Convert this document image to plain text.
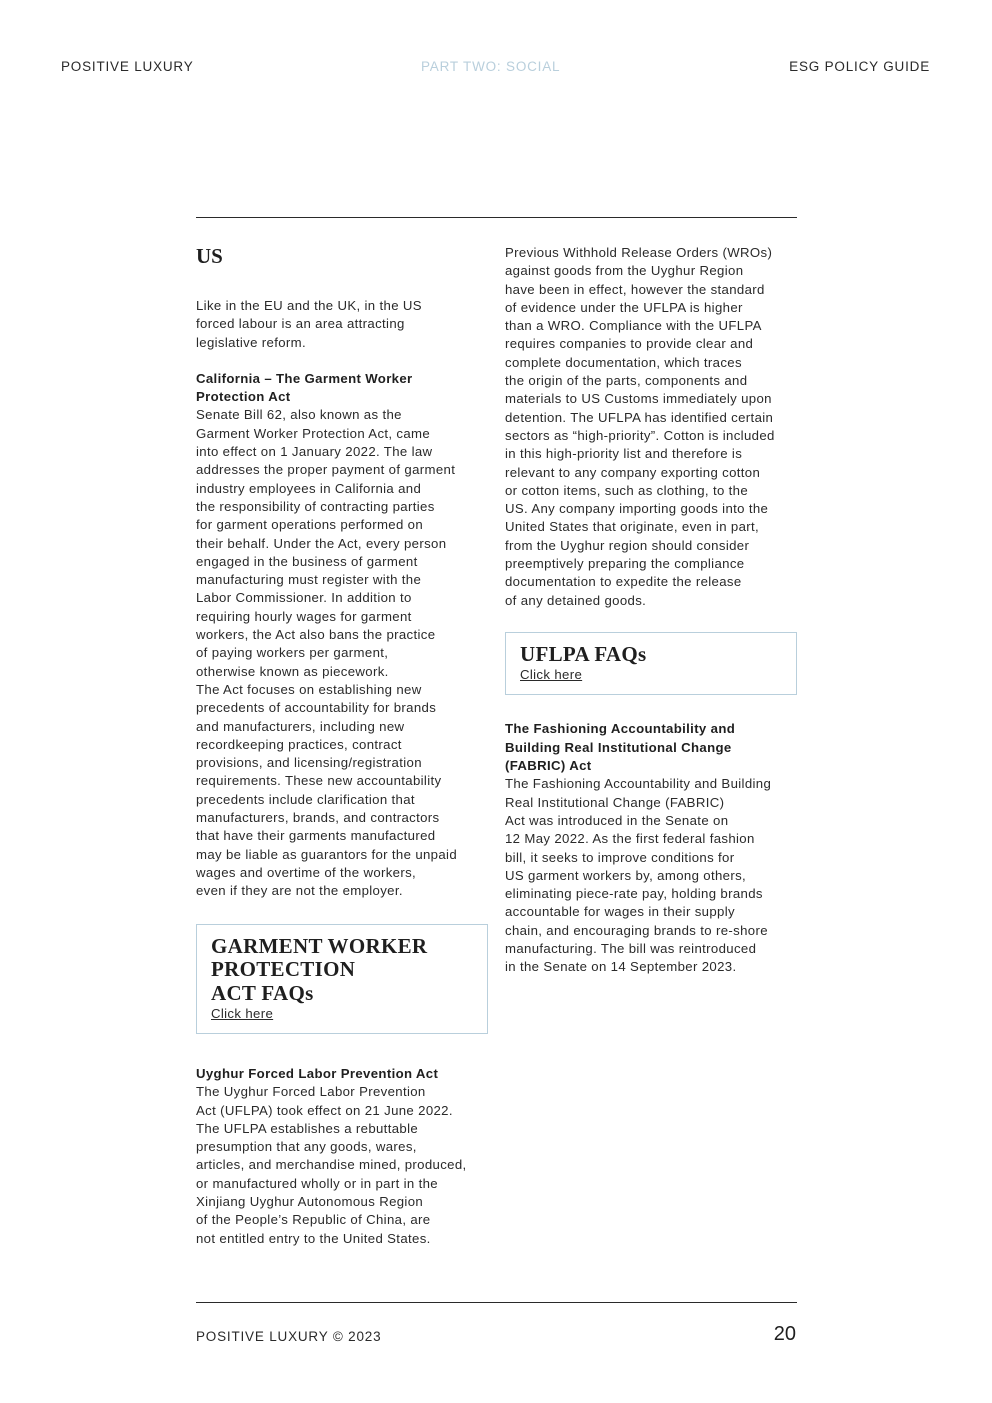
POSITIVE LUXURY	PART TWO: SOCIAL	ESG POLICY GUIDE
US
Like in the EU and the UK, in the US
forced labour is an area attracting
legislative reform.
California – The Garment Worker
Protection Act
Senate Bill 62, also known as the
Garment Worker Protection Act, came
into effect on 1 January 2022. The law
addresses the proper payment of garment
industry employees in California and
the responsibility of contracting parties
for garment operations performed on
their behalf. Under the Act, every person
engaged in the business of garment
manufacturing must register with the
Labor Commissioner. In addition to
requiring hourly wages for garment
workers, the Act also bans the practice
of paying workers per garment,
otherwise known as piecework.
The Act focuses on establishing new
precedents of accountability for brands
and manufacturers, including new
recordkeeping practices, contract
provisions, and licensing/registration
requirements. These new accountability
precedents include clarification that
manufacturers, brands, and contractors
that have their garments manufactured
may be liable as guarantors for the unpaid
wages and overtime of the workers,
even if they are not the employer.
GARMENT WORKER
PROTECTION
ACT FAQs
Click here
Uyghur Forced Labor Prevention Act
The Uyghur Forced Labor Prevention
Act (UFLPA) took effect on 21 June 2022.
The UFLPA establishes a rebuttable
presumption that any goods, wares,
articles, and merchandise mined, produced,
or manufactured wholly or in part in the
Xinjiang Uyghur Autonomous Region
of the People’s Republic of China, are
not entitled entry to the United States.
Previous Withhold Release Orders (WROs)
against goods from the Uyghur Region
have been in effect, however the standard
of evidence under the UFLPA is higher
than a WRO. Compliance with the UFLPA
requires companies to provide clear and
complete documentation, which traces
the origin of the parts, components and
materials to US Customs immediately upon
detention. The UFLPA has identified certain
sectors as “high-priority”. Cotton is included
in this high-priority list and therefore is
relevant to any company exporting cotton
or cotton items, such as clothing, to the
US. Any company importing goods into the
United States that originate, even in part,
from the Uyghur region should consider
preemptively preparing the compliance
documentation to expedite the release
of any detained goods.
UFLPA FAQs
Click here
The Fashioning Accountability and
Building Real Institutional Change
(FABRIC) Act
The Fashioning Accountability and Building
Real Institutional Change (FABRIC)
Act was introduced in the Senate on
12 May 2022. As the first federal fashion
bill, it seeks to improve conditions for
US garment workers by, among others,
eliminating piece-rate pay, holding brands
accountable for wages in their supply
chain, and encouraging brands to re-shore
manufacturing. The bill was reintroduced
in the Senate on 14 September 2023.
POSITIVE LUXURY © 2023	20
